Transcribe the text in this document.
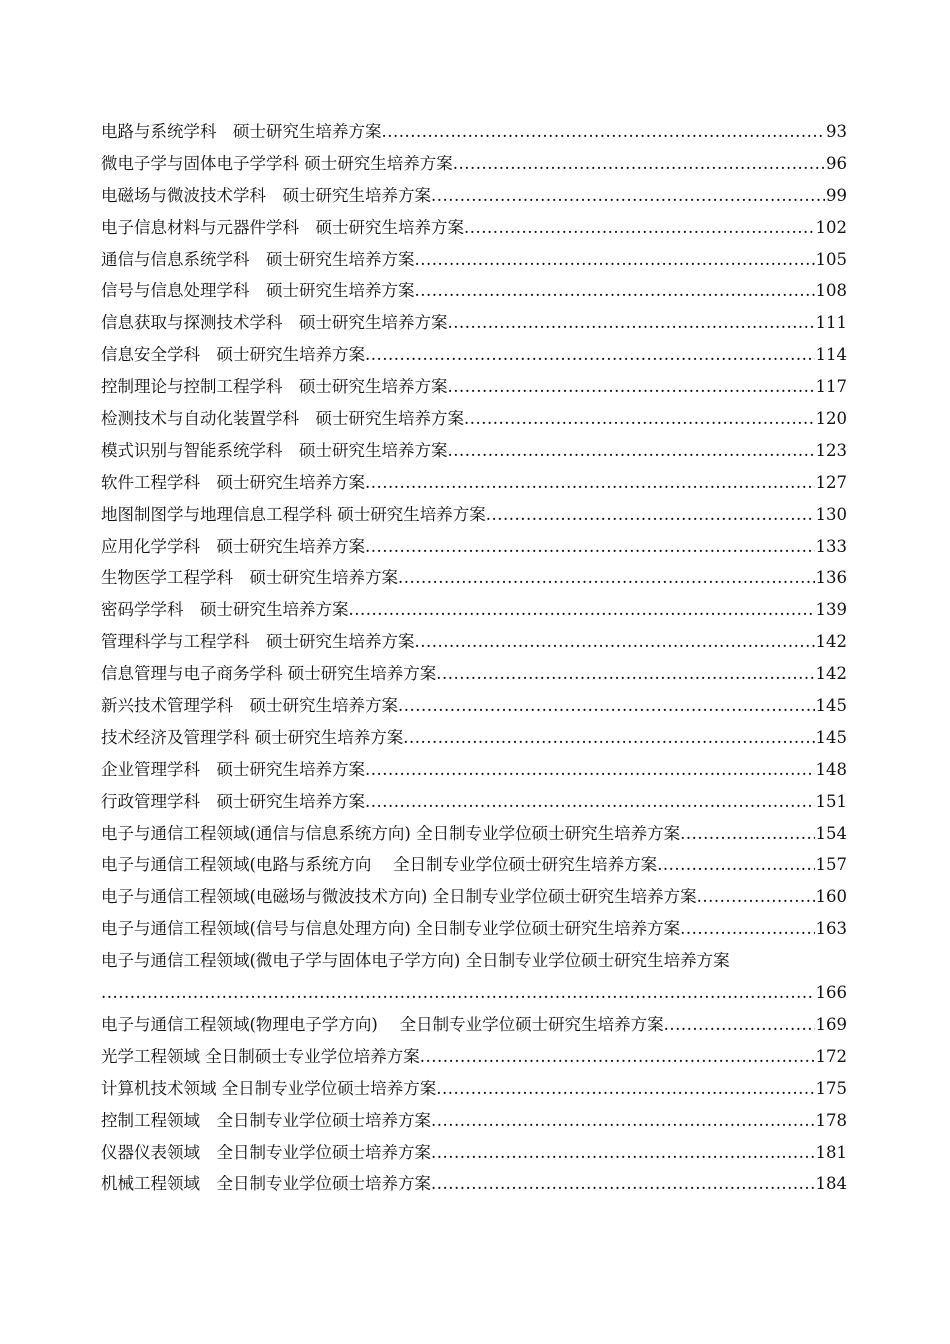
电路与系统学科　硕士研究生培养方案 .....	93
微电子学与固体电子学学科 硕士研究生培养方案 .....	96
电磁场与微波技术学科　硕士研究生培养方案 .....	99
电子信息材料与元器件学科　硕士研究生培养方案 .....	102
通信与信息系统学科　硕士研究生培养方案 .....	105
信号与信息处理学科　硕士研究生培养方案 .....	108
信息获取与探测技术学科　硕士研究生培养方案 .....	111
信息安全学科　硕士研究生培养方案 .....	114
控制理论与控制工程学科　硕士研究生培养方案 .....	117
检测技术与自动化装置学科　硕士研究生培养方案 .....	120
模式识别与智能系统学科　硕士研究生培养方案 .....	123
软件工程学科　硕士研究生培养方案 .....	127
地图制图学与地理信息工程学科 硕士研究生培养方案 .....	130
应用化学学科　硕士研究生培养方案 .....	133
生物医学工程学科　硕士研究生培养方案 .....	136
密码学学科　硕士研究生培养方案 .....	139
管理科学与工程学科　硕士研究生培养方案 .....	142
信息管理与电子商务学科 硕士研究生培养方案 .....	142
新兴技术管理学科　硕士研究生培养方案 .....	145
技术经济及管理学科 硕士研究生培养方案 .....	145
企业管理学科　硕士研究生培养方案 .....	148
行政管理学科　硕士研究生培养方案 .....	151
电子与通信工程领域(通信与信息系统方向) 全日制专业学位硕士研究生培养方案 .....	154
电子与通信工程领域(电路与系统方向　 全日制专业学位硕士研究生培养方案 .....	157
电子与通信工程领域(电磁场与微波技术方向) 全日制专业学位硕士研究生培养方案 .....	160
电子与通信工程领域(信号与信息处理方向) 全日制专业学位硕士研究生培养方案 .....	163
电子与通信工程领域(微电子学与固体电子学方向) 全日制专业学位硕士研究生培养方案
.....
166
电子与通信工程领域(物理电子学方向)　 全日制专业学位硕士研究生培养方案 .....	169
光学工程领域 全日制硕士专业学位培养方案 .....	172
计算机技术领域 全日制专业学位硕士培养方案 .....	175
控制工程领域　全日制专业学位硕士培养方案 .....	178
仪器仪表领域　全日制专业学位硕士培养方案 .....	181
机械工程领域　全日制专业学位硕士培养方案 .....	184
